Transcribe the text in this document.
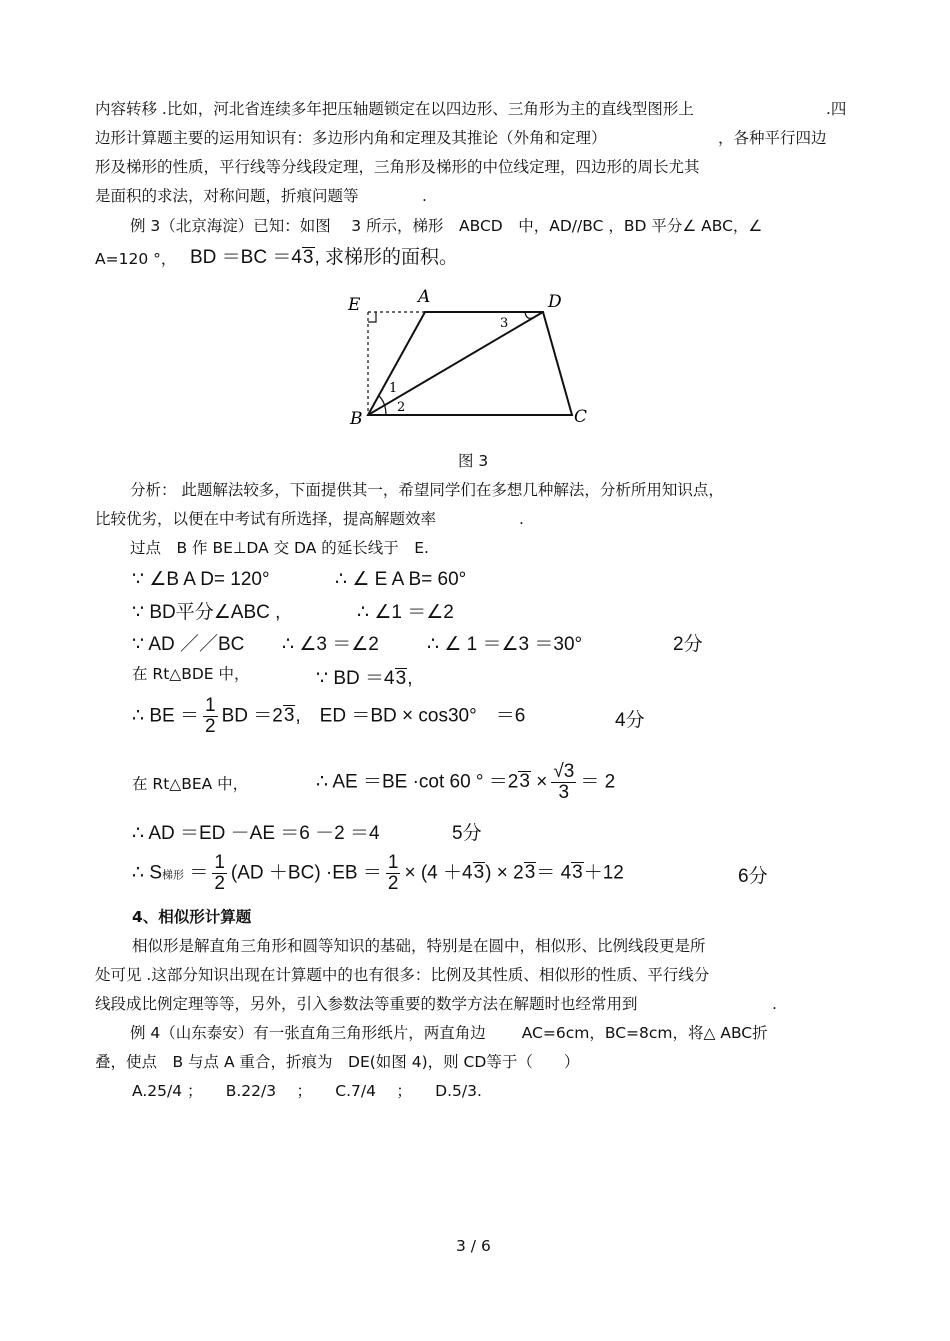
内容转移 .比如，河北省连续多年把压轴题锁定在以四边形、三角形为主的直线型图形上	.四
边形计算题主要的运用知识有：多边形内角和定理及其推论（外角和定理）	，各种平行四边
形及梯形的性质，平行线等分线段定理，三角形及梯形的中位线定理，四边形的周长尤其
是面积的求法，对称问题，折痕问题等	.
例 3（北京海淀）已知：如图　 3 所示，梯形　ABCD　中，AD//BC ，BD 平分∠ ABC，∠
A=120 °， BD ＝BC ＝43, 求梯形的面积。
E	A	D
B	C
1
2
3
图 3
分析： 此题解法较多，下面提供其一，希望同学们在多想几种解法，分析所用知识点，
比较优劣，以便在中考试有所选择，提高解题效率	.
过点　B 作 BE⊥DA 交 DA 的延长线于　E.
∵ ∠B A D= 120°	∴ ∠ E A B= 60°
∵ BD平分∠ABC ,	∴ ∠1 ＝∠2
∵ AD ／／BC ∴ ∠3 ＝∠2	∴ ∠ 1 ＝∠3 ＝30°	2分
在 Rt△BDE 中，	∵ BD ＝43,
∴ BE ＝ $\frac{1}{2}$ BD ＝23,　ED ＝BD × cos30°　＝6	4分
在 Rt△BEA 中，	∴ AE ＝BE ·cot 60 ° $=23 \times \frac{√3}{3} = 2$
∴ AD ＝ED －AE ＝6 －2 ＝4	5分
∴ S梯形 ＝ $\frac{1}{2} (AD +BC) \cdot EB = \frac{1}{2} \times (4 +43) \times 23= 43+12$	6分
4、相似形计算题
相似形是解直角三角形和圆等知识的基础，特别是在圆中，相似形、比例线段更是所
处可见 .这部分知识出现在计算题中的也有很多：比例及其性质、相似形的性质、平行线分
线段成比例定理等等，另外，引入参数法等重要的数学方法在解题时也经常用到	.
例 4（山东泰安）有一张直角三角形纸片，两直角边　　 AC=6cm，BC=8cm，将△ ABC折
叠，使点　B 与点 A 重合，折痕为　DE(如图 4)，则 CD等于（　　）
A.25/4 ；　　B.22/3　 ；　　C.7/4　 ；　　D.5/3.
3 / 6
